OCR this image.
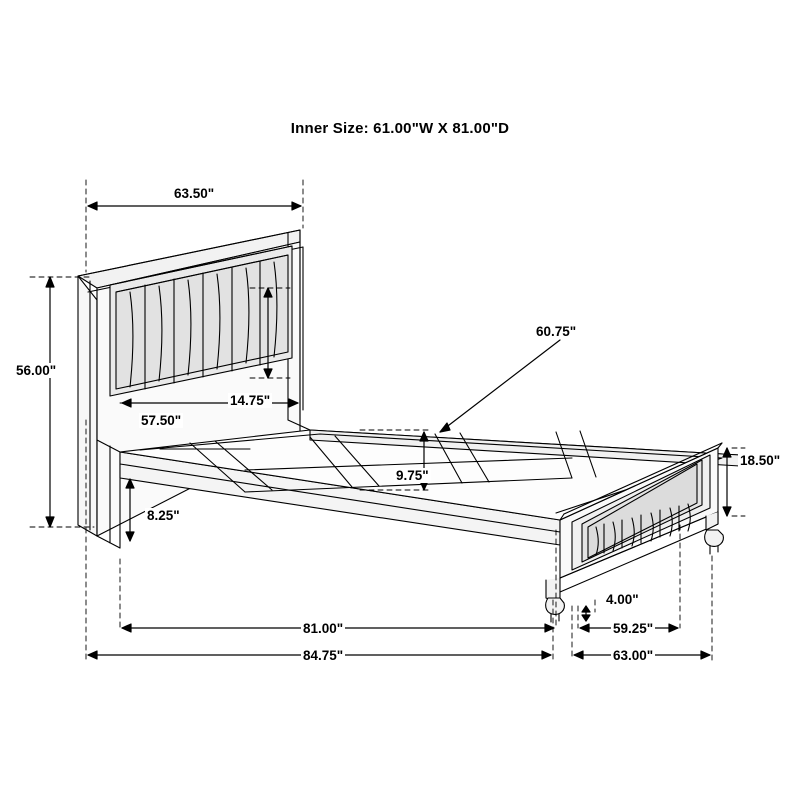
Inner Size: 61.00"W X 81.00"D
63.50"
56.00"
57.50"
14.75"
60.75"
9.75"
8.25"
18.50"
4.00"
81.00"
84.75"
59.25"
63.00"
